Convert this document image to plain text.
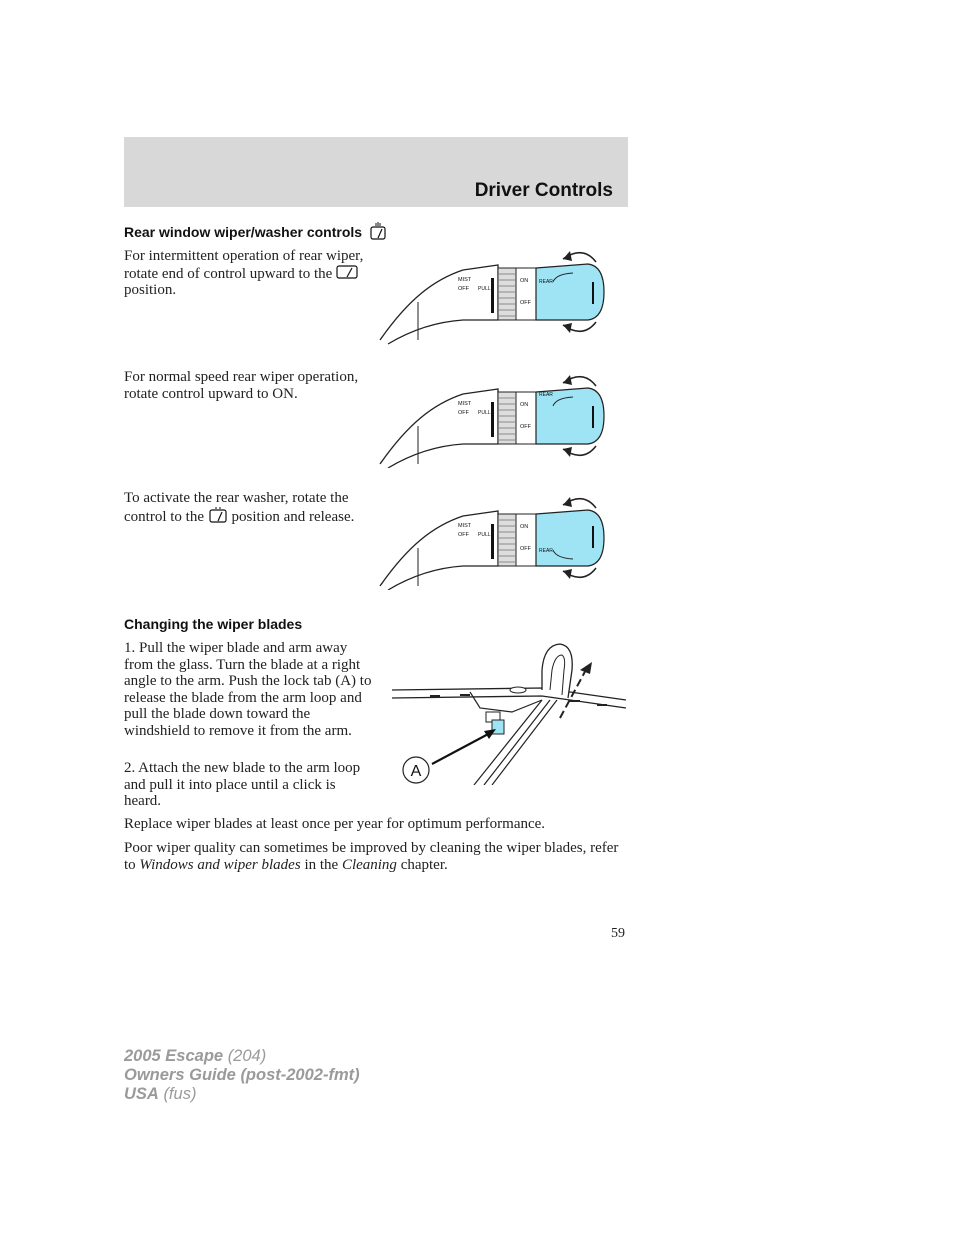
Driver Controls
Rear window wiper/washer controls
For intermittent operation of rear wiper, rotate end of control upward to the  position.
For normal speed rear wiper operation, rotate control upward to ON.
To activate the rear washer, rotate the control to the position and release.
MIST
OFF PULL
ON
OFF
REAR
MIST
OFF PULL
ON
OFF
REAR
MIST
OFF PULL
ON
OFF REAR
Changing the wiper blades
1. Pull the wiper blade and arm away from the glass. Turn the blade at a right angle to the arm. Push the lock tab (A) to release the blade from the arm loop and pull the blade down toward the windshield to remove it from the arm.
2. Attach the new blade to the arm loop and pull it into place until a click is heard.
A
Replace wiper blades at least once per year for optimum performance.
Poor wiper quality can sometimes be improved by cleaning the wiper blades, refer to Windows and wiper blades in the Cleaning chapter.
59
2005 Escape (204)
Owners Guide (post-2002-fmt)
USA (fus)
